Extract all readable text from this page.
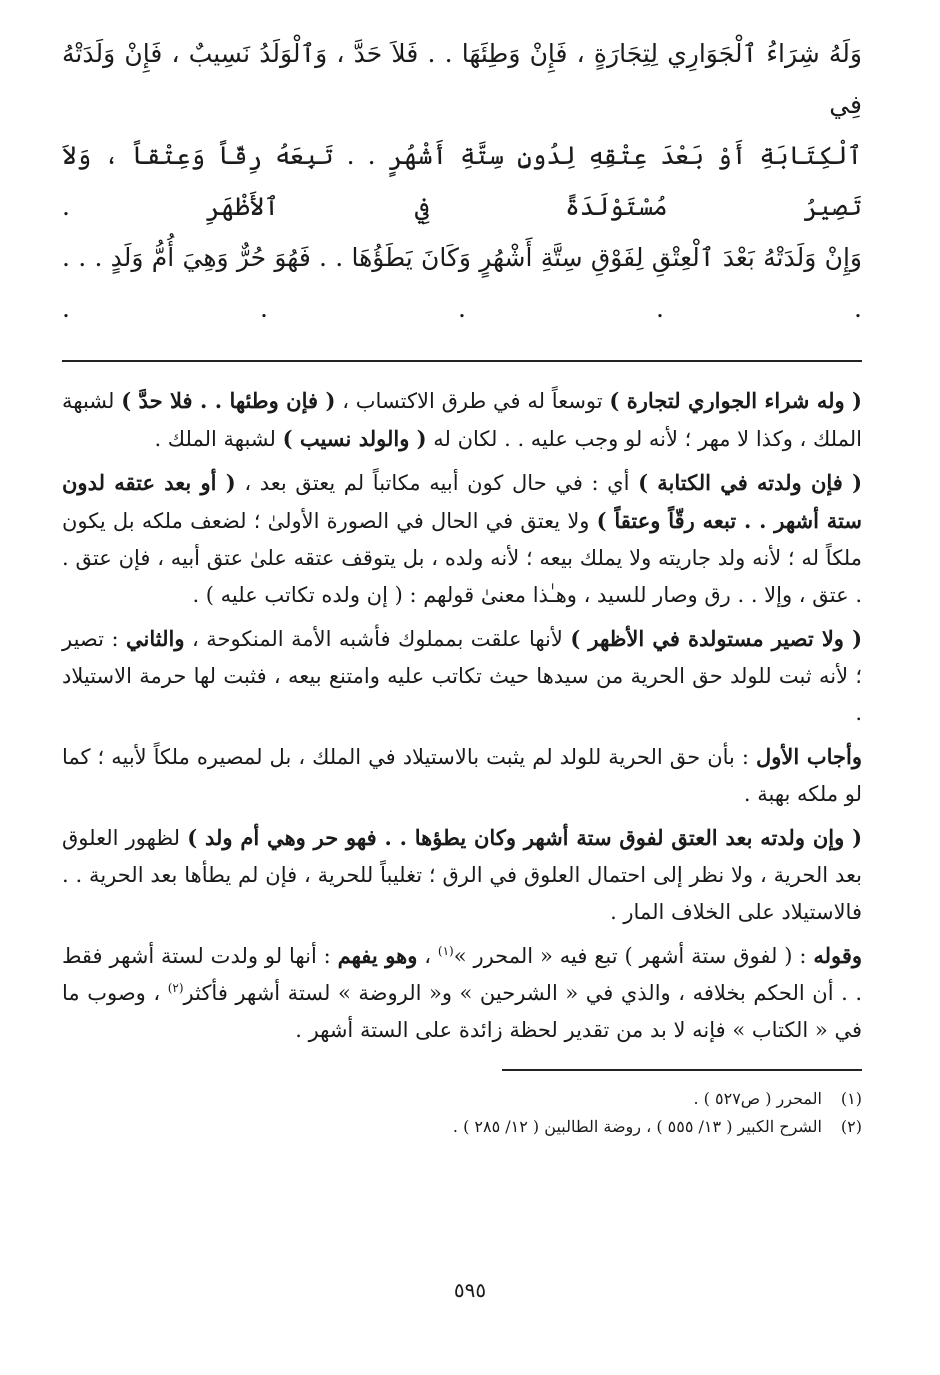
وَلَهُ شِرَاءُ ٱلْجَوَارِي لِتِجَارَةٍ ، فَإِنْ وَطِئَهَا . . فَلاَ حَدَّ ، وَٱلْوَلَدُ نَسِيبٌ ، فَإِنْ وَلَدَتْهُ فِي
ٱلْكِتَابَةِ أَوْ بَعْدَ عِتْقِهِ لِدُونِ سِتَّةِ أَشْهُرٍ . . تَبِعَهُ رِقّاً وَعِتْقاً ، وَلاَ تَصِيرُ مُسْتَوْلَدَةً فِي ٱلأَظْهَرِ .
وَإِنْ وَلَدَتْهُ بَعْدَ ٱلْعِتْقِ لِفَوْقِ سِتَّةِ أَشْهُرٍ وَكَانَ يَطَؤُهَا . . فَهُوَ حُرٌّ وَهِيَ أُمُّ وَلَدٍ . . . . . . . .

( وله شراء الجواري لتجارة ) توسعاً له في طرق الاكتساب ، ( فإن وطئها . . فلا حدَّ ) لشبهة الملك ، وكذا لا مهر ؛ لأنه لو وجب عليه . . لكان له ( والولد نسيب ) لشبهة الملك .

( فإن ولدته في الكتابة ) أي : في حال كون أبيه مكاتباً لم يعتق بعد ، ( أو بعد عتقه لدون ستة أشهر . . تبعه رقّاً وعتقاً ) ولا يعتق في الحال في الصورة الأولىٰ ؛ لضعف ملكه بل يكون ملكاً له ؛ لأنه ولد جاريته ولا يملك بيعه ؛ لأنه ولده ، بل يتوقف عتقه علىٰ عتق أبيه ، فإن عتق . . عتق ، وإلا . . رق وصار للسيد ، وهـٰذا معنىٰ قولهم : ( إن ولده تكاتب عليه ) .

( ولا تصير مستولدة في الأظهر ) لأنها علقت بمملوك فأشبه الأمة المنكوحة ، والثاني : تصير ؛ لأنه ثبت للولد حق الحرية من سيدها حيث تكاتب عليه وامتنع بيعه ، فثبت لها حرمة الاستيلاد .

وأجاب الأول : بأن حق الحرية للولد لم يثبت بالاستيلاد في الملك ، بل لمصيره ملكاً لأبيه ؛ كما لو ملكه بهبة .

( وإن ولدته بعد العتق لفوق ستة أشهر وكان يطؤها . . فهو حر وهي أم ولد ) لظهور العلوق بعد الحرية ، ولا نظر إلى احتمال العلوق في الرق ؛ تغليباً للحرية ، فإن لم يطأها بعد الحرية . . فالاستيلاد على الخلاف المار .

وقوله : ( لفوق ستة أشهر ) تبع فيه « المحرر »$^{(١)}$ ، وهو يفهم : أنها لو ولدت لستة أشهر فقط . . أن الحكم بخلافه ، والذي في « الشرحين » و« الروضة » لستة أشهر فأكثر$^{(٢)}$ ، وصوب ما في « الكتاب » فإنه لا بد من تقدير لحظة زائدة على الستة أشهر .

(١)المحرر ( ص٥٢٧ ) .

(٢)الشرح الكبير ( ١٣/ ٥٥٥ ) ، روضة الطالبين ( ١٢/ ٢٨٥ ) .

٥٩٥
